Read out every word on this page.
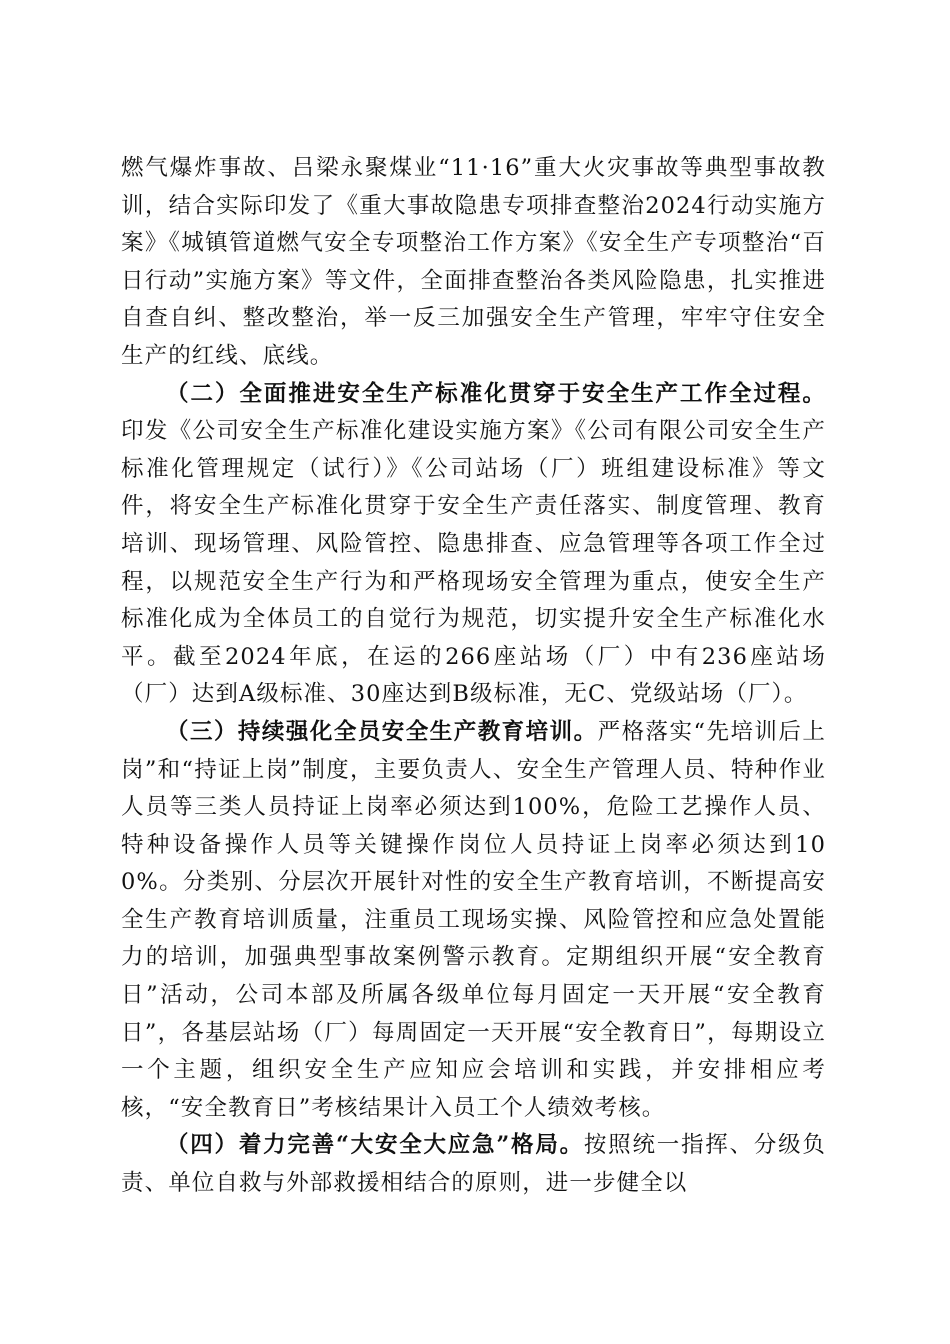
燃气爆炸事故、吕梁永聚煤业“11·16”重大火灾事故等典型事故教训，结合实际印发了《重大事故隐患专项排查整治2024行动实施方案》《城镇管道燃气安全专项整治工作方案》《安全生产专项整治“百日行动”实施方案》等文件，全面排查整治各类风险隐患，扎实推进自查自纠、整改整治，举一反三加强安全生产管理，牢牢守住安全生产的红线、底线。

（二）全面推进安全生产标准化贯穿于安全生产工作全过程。印发《公司安全生产标准化建设实施方案》《公司有限公司安全生产标准化管理规定（试行）》《公司站场（厂）班组建设标准》等文件，将安全生产标准化贯穿于安全生产责任落实、制度管理、教育培训、现场管理、风险管控、隐患排查、应急管理等各项工作全过程，以规范安全生产行为和严格现场安全管理为重点，使安全生产标准化成为全体员工的自觉行为规范，切实提升安全生产标准化水平。截至2024年底，在运的266座站场（厂）中有236座站场（厂）达到A级标准、30座达到B级标准，无C、党级站场（厂）。

（三）持续强化全员安全生产教育培训。严格落实“先培训后上岗”和“持证上岗”制度，主要负责人、安全生产管理人员、特种作业人员等三类人员持证上岗率必须达到100%，危险工艺操作人员、特种设备操作人员等关键操作岗位人员持证上岗率必须达到100%。分类别、分层次开展针对性的安全生产教育培训，不断提高安全生产教育培训质量，注重员工现场实操、风险管控和应急处置能力的培训，加强典型事故案例警示教育。定期组织开展“安全教育日”活动，公司本部及所属各级单位每月固定一天开展“安全教育日”，各基层站场（厂）每周固定一天开展“安全教育日”，每期设立一个主题，组织安全生产应知应会培训和实践，并安排相应考核，“安全教育日”考核结果计入员工个人绩效考核。

（四）着力完善“大安全大应急”格局。按照统一指挥、分级负责、单位自救与外部救援相结合的原则，进一步健全以
